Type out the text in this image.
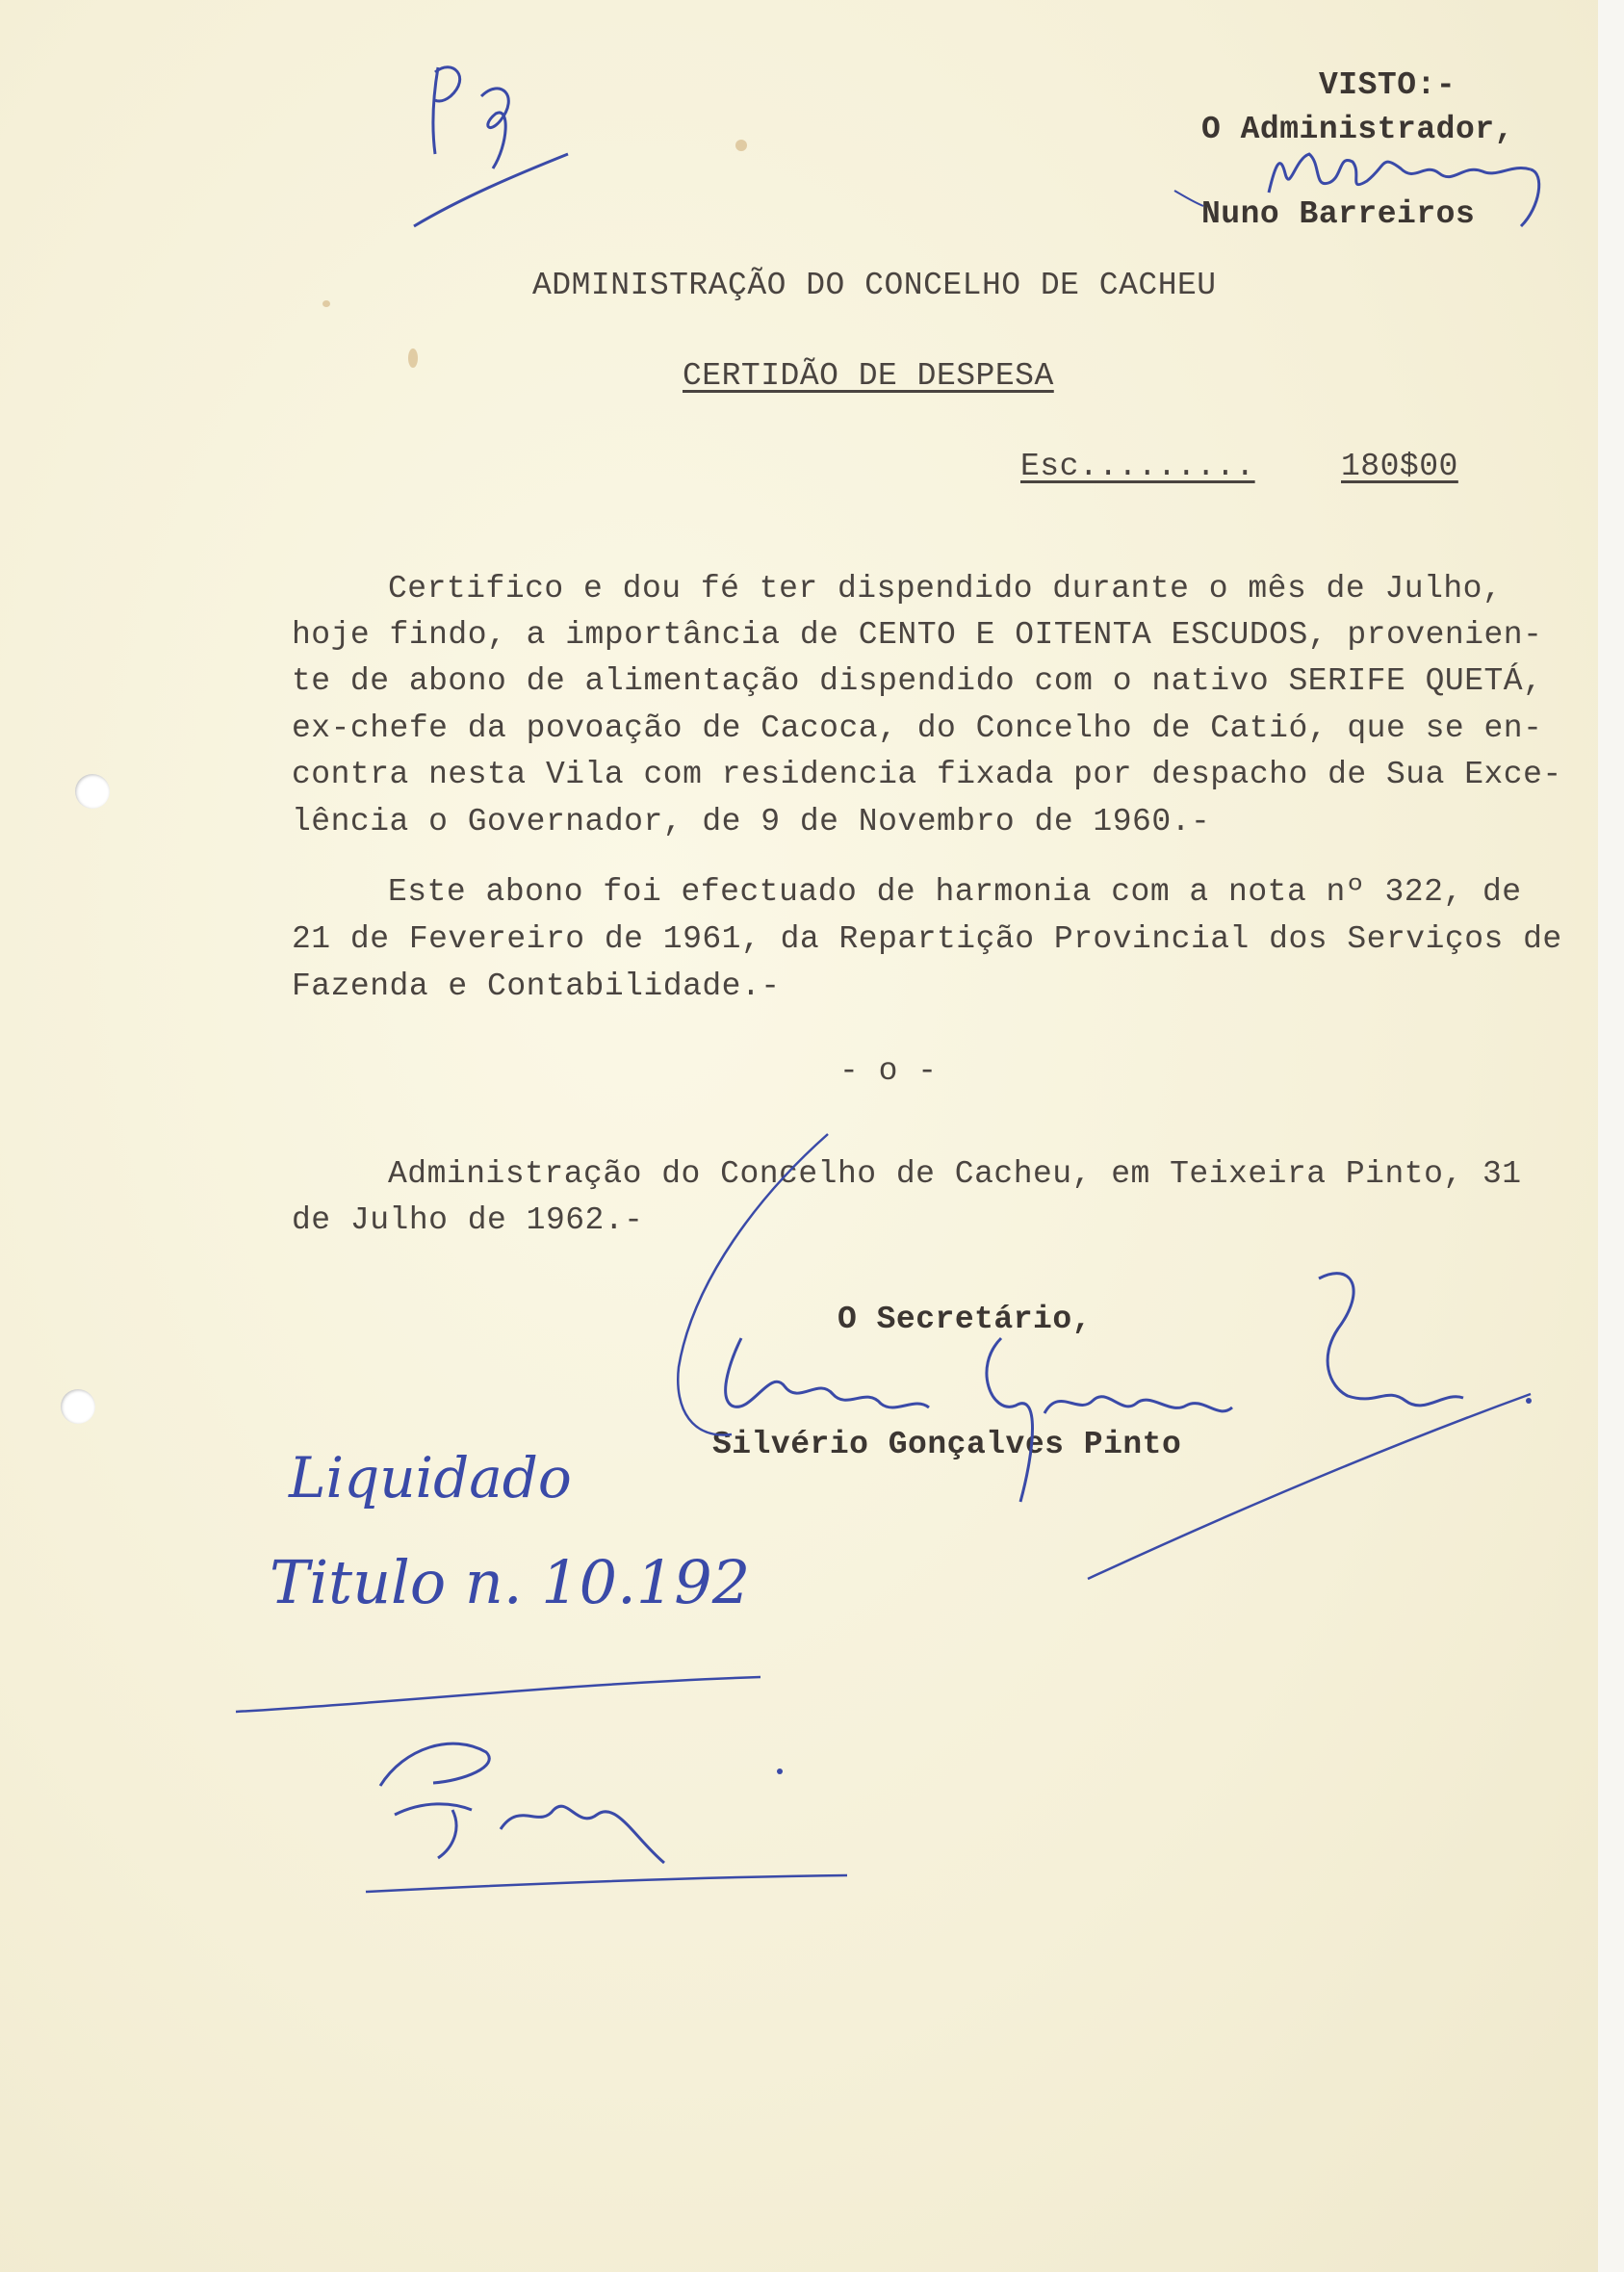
VISTO:-

O Administrador,

Nuno Barreiros

ADMINISTRAÇÃO DO CONCELHO DE CACHEU

CERTIDÃO DE DESPESA

Esc.........	180$00

Certifico e dou fé ter dispendido durante o mês de Julho,

hoje findo, a importância de CENTO E OITENTA ESCUDOS, provenien-

te de abono de alimentação dispendido com o nativo SERIFE QUETÁ,

ex-chefe da povoação de Cacoca, do Concelho de Catió, que se en-

contra nesta Vila com residencia fixada por despacho de Sua Exce-

lência o Governador, de 9 de Novembro de 1960.-

Este abono foi efectuado de harmonia com a nota nº 322, de

21 de Fevereiro de 1961, da Repartição Provincial dos Serviços de

Fazenda e Contabilidade.-

- o -

Administração do Concelho de Cacheu, em Teixeira Pinto, 31

de Julho de 1962.-

O Secretário,

Silvério Gonçalves Pinto

Liquidado
Titulo n. 10.192
